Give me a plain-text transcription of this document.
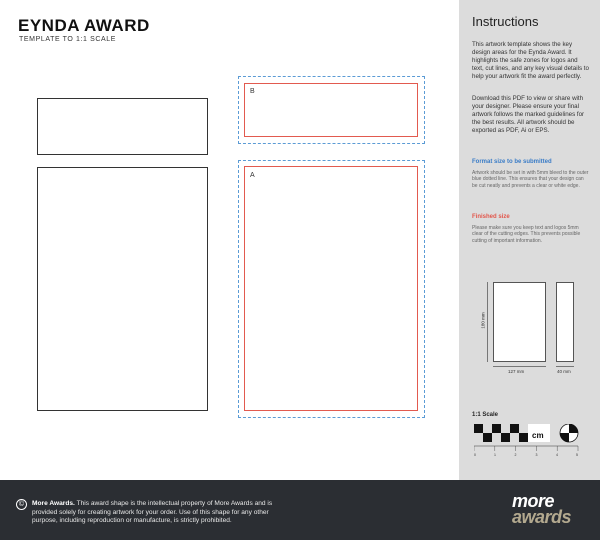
EYNDA AWARD
TEMPLATE TO 1:1 SCALE
B
A
Instructions
This artwork template shows the key design areas for the Eynda Award. It highlights the safe zones for logos and text, cut lines, and any key visual details to help your artwork fit the award perfectly.
Download this PDF to view or share with your designer. Please ensure your final artwork follows the marked guidelines for the best results. All artwork should be exported as PDF, Ai or EPS.
Format size to be submitted
Artwork should be set in with 5mm bleed to the outer blue dotted line. This ensures that your design can be cut neatly and prevents a clear or white edge.
Finished size
Please make sure you keep text and logos 5mm clear of the cutting edges. This prevents possible cutting of important information.
180 mm
127 mm	40 mm
1:1 Scale
cm
0	1	2	3	4	5
©	More Awards. This award shape is the intellectual property of More Awards and is provided solely for creating artwork for your order. Use of this shape for any other purpose, including reproduction or manufacture, is strictly prohibited.
more
awards
